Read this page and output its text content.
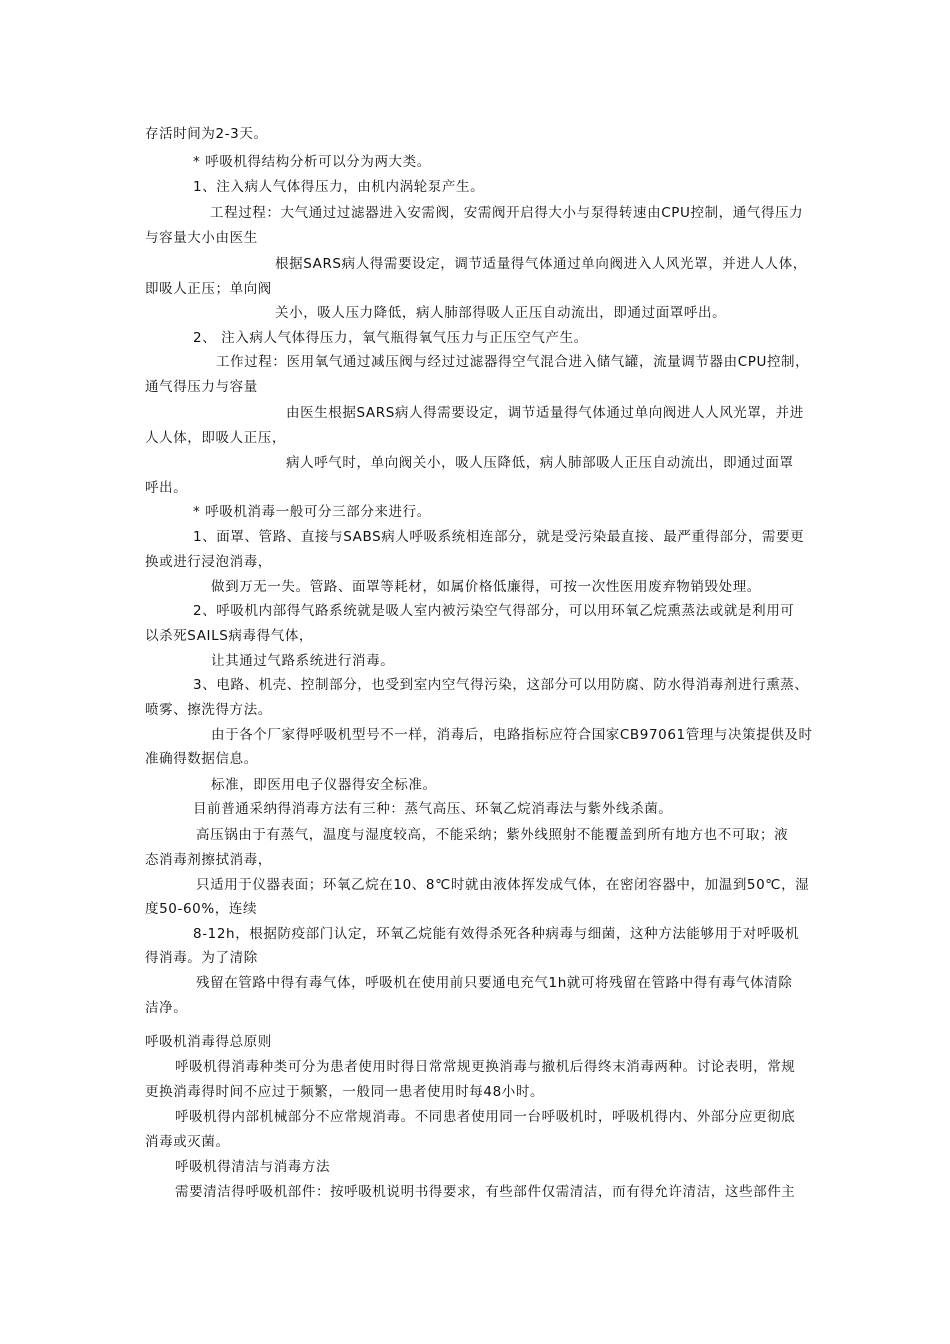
存活时间为2-3天。
* 呼吸机得结构分析可以分为两大类。
1、注入病人气体得压力，由机内涡轮泵产生。
工程过程：大气通过过滤器进入安需阀，安需阀开启得大小与泵得转速由CPU控制，通气得压力
与容量大小由医生
根据SARS病人得需要设定，调节适量得气体通过单向阀进入人风光罩，并进人人体，
即吸人正压；单向阀
关小，吸人压力降低，病人肺部得吸人正压自动流出，即通过面罩呼出。
2、 注入病人气体得压力，氧气瓶得氧气压力与正压空气产生。
工作过程：医用氧气通过减压阀与经过过滤器得空气混合进入储气罐，流量调节器由CPU控制，
通气得压力与容量
由医生根据SARS病人得需要设定，调节适量得气体通过单向阀进人人风光罩，并进
人人体，即吸人正压，
病人呼气时，单向阀关小，吸人压降低，病人肺部吸人正压自动流出，即通过面罩
呼出。
* 呼吸机消毒一般可分三部分来进行。
1、面罩、管路、直接与SABS病人呼吸系统相连部分，就是受污染最直接、最严重得部分，需要更
换或进行浸泡消毒，
做到万无一失。管路、面罩等耗材，如属价格低廉得，可按一次性医用废弃物销毁处理。
2、呼吸机内部得气路系统就是吸人室内被污染空气得部分，可以用环氧乙烷熏蒸法或就是利用可
以杀死SAILS病毒得气体，
让其通过气路系统进行消毒。
3、电路、机壳、控制部分，也受到室内空气得污染，这部分可以用防腐、防水得消毒剂进行熏蒸、
喷雾、擦洗得方法。
由于各个厂家得呼吸机型号不一样，消毒后，电路指标应符合国家CB97061管理与决策提供及时
准确得数据信息。
标准，即医用电子仪器得安全标准。
目前普通采纳得消毒方法有三种：蒸气高压、环氧乙烷消毒法与紫外线杀菌。
高压锅由于有蒸气，温度与湿度较高，不能采纳；紫外线照射不能覆盖到所有地方也不可取；液
态消毒剂擦拭消毒，
只适用于仪器表面；环氧乙烷在10、8℃时就由液体挥发成气体，在密闭容器中，加温到50℃，湿
度50-60%，连续
8-12h，根据防疫部门认定，环氧乙烷能有效得杀死各种病毒与细菌，这种方法能够用于对呼吸机
得消毒。为了清除
残留在管路中得有毒气体，呼吸机在使用前只要通电充气1h就可将残留在管路中得有毒气体清除
洁净。
呼吸机消毒得总原则
呼吸机得消毒种类可分为患者使用时得日常常规更换消毒与撤机后得终末消毒两种。讨论表明，常规
更换消毒得时间不应过于频繁，一般同一患者使用时每48小时。
呼吸机得内部机械部分不应常规消毒。不同患者使用同一台呼吸机时，呼吸机得内、外部分应更彻底
消毒或灭菌。
呼吸机得清洁与消毒方法
需要清洁得呼吸机部件：按呼吸机说明书得要求，有些部件仅需清洁，而有得允许清洁，这些部件主
